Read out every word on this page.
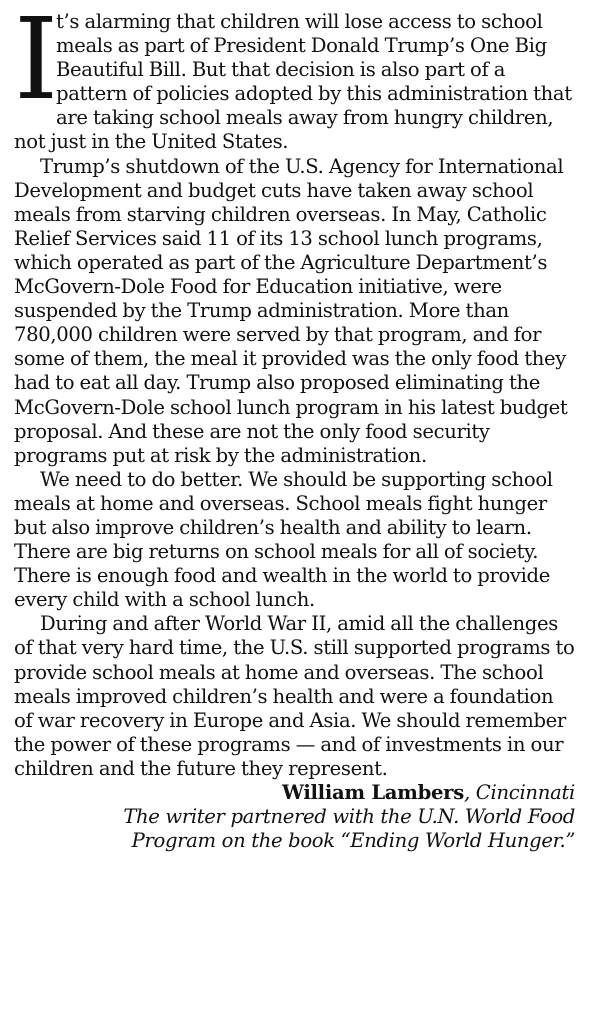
I
t’s alarming that children will lose access to school meals as part of President Donald Trump’s One Big Beautiful Bill. But that decision is also part of a pattern of policies adopted by this administration that are taking school meals away from hungry children, not just in the United States.

Trump’s shutdown of the U.S. Agency for International Development and budget cuts have taken away school meals from starving children overseas. In May, Catholic Relief Services said 11 of its 13 school lunch programs, which operated as part of the Agriculture Department’s McGovern-Dole Food for Education initiative, were suspended by the Trump administration. More than 780,000 children were served by that program, and for some of them, the meal it provided was the only food they had to eat all day. Trump also proposed eliminating the McGovern-Dole school lunch program in his latest budget proposal. And these are not the only food security programs put at risk by the administration.

We need to do better. We should be supporting school meals at home and overseas. School meals fight hunger but also improve children’s health and ability to learn. There are big returns on school meals for all of society. There is enough food and wealth in the world to provide every child with a school lunch.

During and after World War II, amid all the challenges of that very hard time, the U.S. still supported programs to provide school meals at home and overseas. The school meals improved children’s health and were a foundation of war recovery in Europe and Asia. We should remember the power of these programs — and of investments in our children and the future they represent.

William Lambers, Cincinnati

The writer partnered with the U.N. World Food
Program on the book “Ending World Hunger.”
